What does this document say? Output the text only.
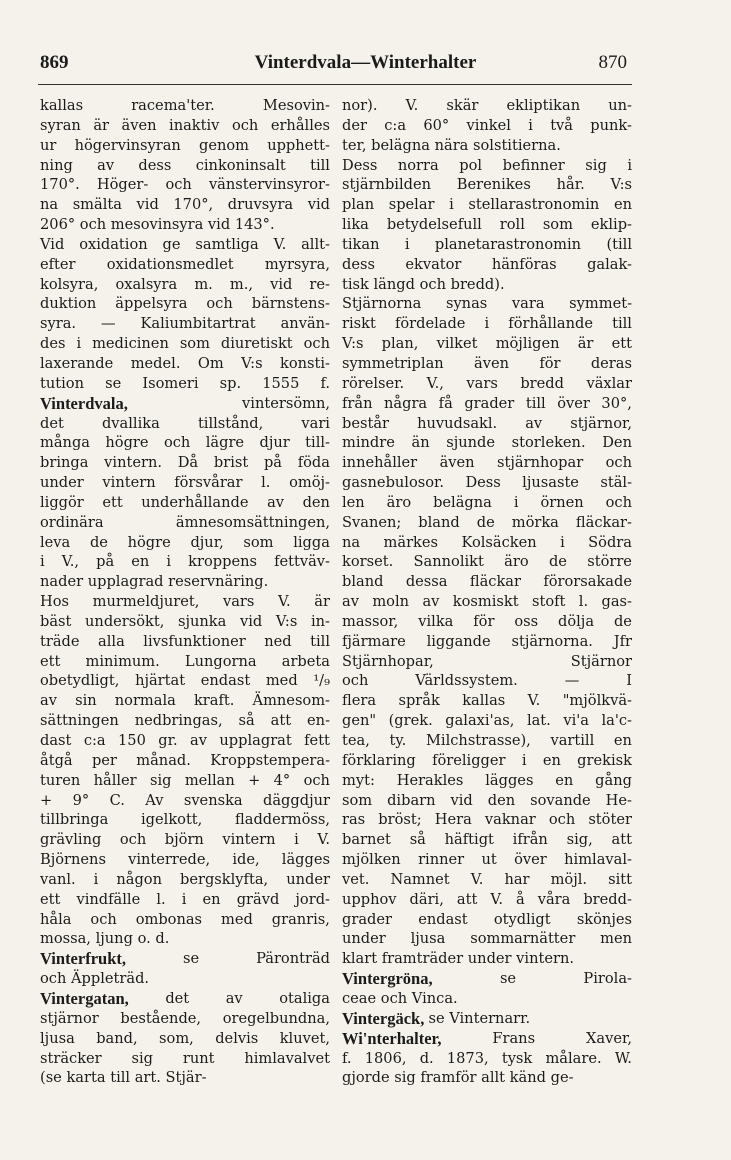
869	Vinterdvala—Winterhalter	870
kallas	racema'ter.	Mesovin-
syran är även inaktiv och erhålles
ur högervinsyran genom upphett-
ning av dess cinkoninsalt till
170°. Höger- och vänstervinsyror-
na smälta vid 170°, druvsyra vid
206° och mesovinsyra vid 143°.
Vid oxidation ge samtliga V. allt-
efter oxidationsmedlet myrsyra,
kolsyra, oxalsyra m. m., vid re-
duktion äppelsyra och bärnstens-
syra. — Kaliumbitartrat använ-
des i medicinen som diuretiskt och
laxerande medel. Om V:s konsti-
tution se Isomeri sp. 1555 f.
Vinterdvala,	vintersömn,
det	dvallika	tillstånd,	vari
många högre och lägre djur till-
bringa vintern. Då brist på föda
under vintern försvårar l. omöj-
liggör ett underhållande av den
ordinära	ämnesomsättningen,
leva de högre djur, som ligga
i V., på en i kroppens fettväv-
nader upplagrad reservnäring.
Hos murmeldjuret, vars V. är
bäst undersökt, sjunka vid V:s in-
träde alla livsfunktioner ned till
ett minimum. Lungorna arbeta
obetydligt, hjärtat endast med ¹/₉
av sin normala kraft. Ämnesom-
sättningen nedbringas, så att en-
dast c:a 150 gr. av upplagrat fett
åtgå per månad. Kroppstempera-
turen håller sig mellan + 4° och
+ 9° C. Av svenska däggdjur
tillbringa igelkott, fladdermöss,
grävling och björn vintern i V.
Björnens vinterrede, ide, lägges
vanl. i någon bergsklyfta, under
ett vindfälle l. i en grävd jord-
håla och ombonas med granris,
mossa, ljung o. d.
Vinterfrukt,	se	Päronträd
och Äppleträd.
Vintergatan,	det	av	otaliga
stjärnor bestående, oregelbundna,
ljusa band, som, delvis kluvet,
sträcker sig runt himlavalvet
(se karta till art. Stjär-
nor). V. skär ekliptikan un-
der c:a 60° vinkel i två punk-
ter, belägna nära solstitierna.
Dess norra pol befinner sig i
stjärnbilden Berenikes hår. V:s
plan spelar i stellarastronomin en
lika betydelsefull roll som eklip-
tikan i planetarastronomin (till
dess ekvator hänföras galak-
tisk längd och bredd).
Stjärnorna synas vara symmet-
riskt fördelade i förhållande till
V:s plan, vilket möjligen är ett
symmetriplan även för deras
rörelser. V., vars bredd växlar
från några få grader till över 30°,
består huvudsakl. av stjärnor,
mindre än sjunde storleken. Den
innehåller även stjärnhopar och
gasnebulosor. Dess ljusaste stäl-
len äro belägna i örnen och
Svanen; bland de mörka fläckar-
na märkes Kolsäcken i Södra
korset. Sannolikt äro de större
bland dessa fläckar förorsakade
av moln av kosmiskt stoft l. gas-
massor, vilka för oss dölja de
fjärmare liggande stjärnorna. Jfr
Stjärnhopar,	Stjärnor
och	Världssystem.	—	I
flera språk kallas V. "mjölkvä-
gen" (grek. galaxi'as, lat. vi'a la'c-
tea, ty. Milchstrasse), vartill en
förklaring föreligger i en grekisk
myt: Herakles lägges en gång
som dibarn vid den sovande He-
ras bröst; Hera vaknar och stöter
barnet så häftigt ifrån sig, att
mjölken rinner ut över himlaval-
vet. Namnet V. har möjl. sitt
upphov däri, att V. å våra bredd-
grader endast otydligt skönjes
under ljusa sommarnätter men
klart framträder under vintern.
Vintergröna,	se	Pirola-
ceae och Vinca.
Vintergäck, se Vinternarr.
Wi'nterhalter,	Frans	Xaver,
f. 1806, d. 1873, tysk målare. W.
gjorde sig framför allt känd ge-
